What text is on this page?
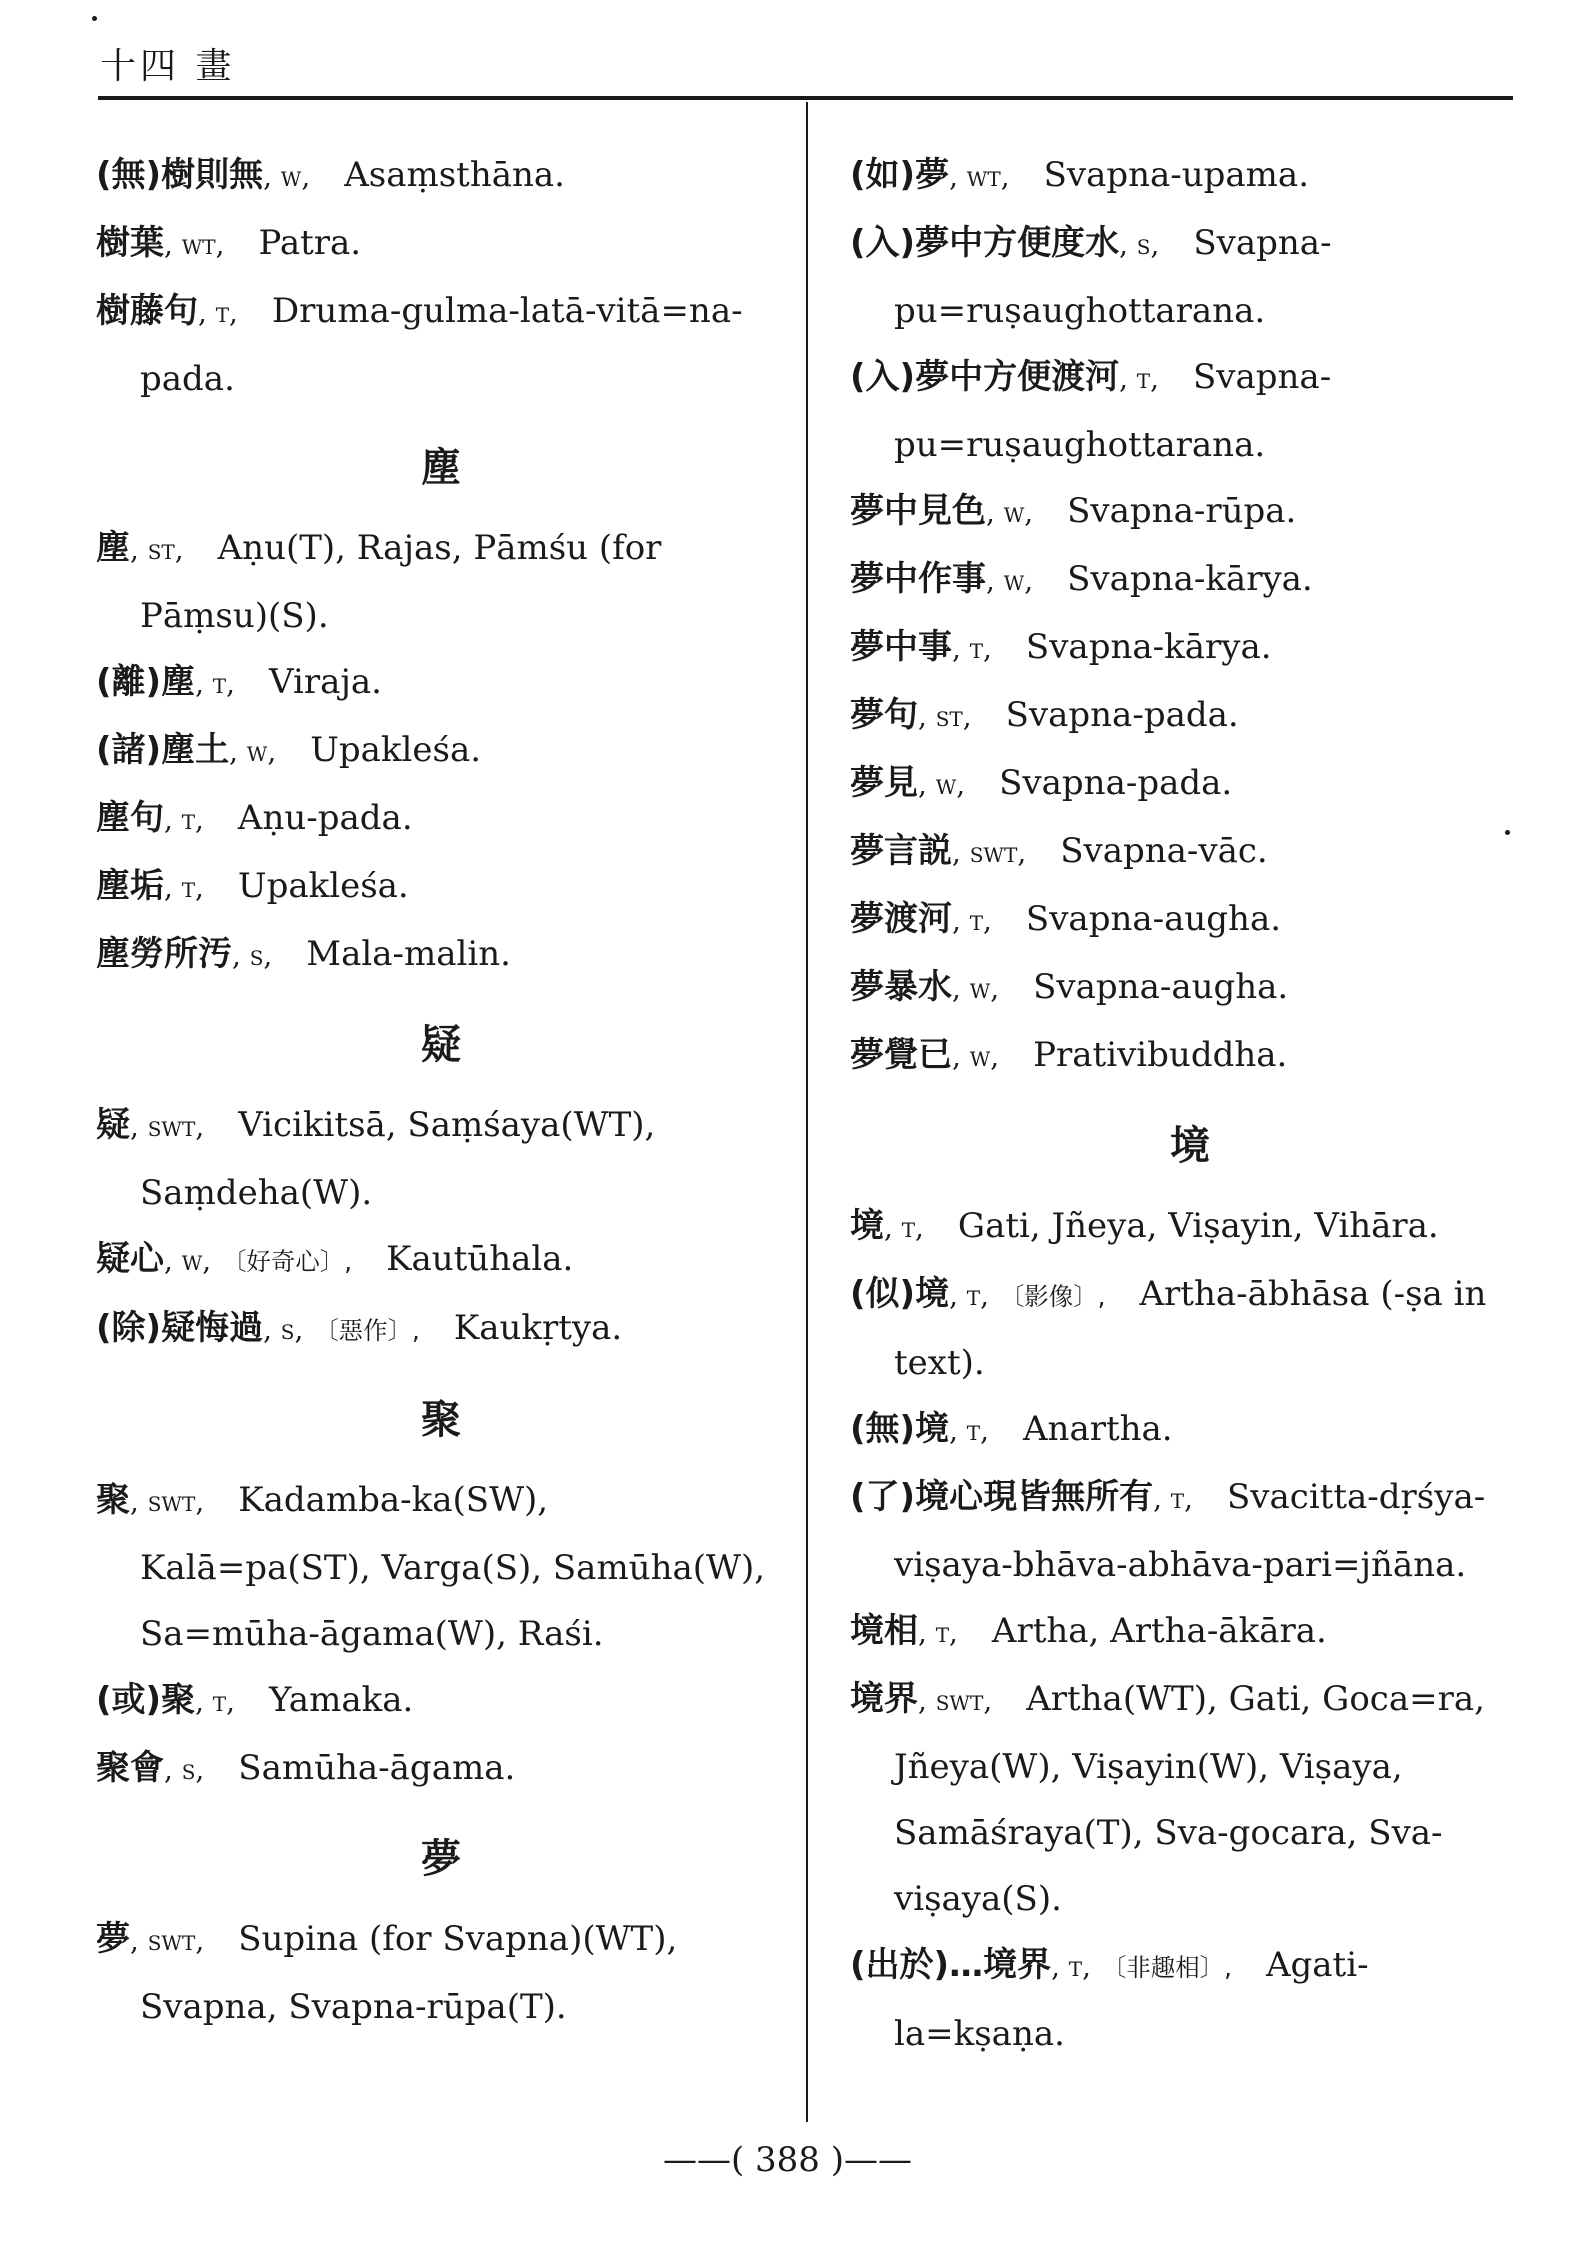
十四 畫

(無)樹則無, w, Asaṃsthāna.

樹葉, wt, Patra.

樹藤句, t, Druma-gulma-latā-vitā=na-pada.

塵

塵, st, Aṇu(T), Rajas, Pāmśu (for Pāṃsu)(S).

(離)塵, t, Viraja.

(諸)塵土, w, Upakleśa.

塵句, t, Aṇu-pada.

塵垢, t, Upakleśa.

塵勞所汚, s, Mala-malin.

疑

疑, swt, Vicikitsā, Saṃśaya(WT), Saṃdeha(W).

疑心, w, 〔好奇心〕, Kautūhala.

(除)疑悔過, s, 〔惡作〕, Kaukṛtya.

聚

聚, swt, Kadamba-ka(SW), Kalā=pa(ST), Varga(S), Samūha(W), Sa=mūha-āgama(W), Raśi.

(或)聚, t, Yamaka.

聚會, s, Samūha-āgama.

夢

夢, swt, Supina (for Svapna)(WT), Svapna, Svapna-rūpa(T).

(如)夢, wt, Svapna-upama.

(入)夢中方便度水, s, Svapna-pu=ruṣaughottarana.

(入)夢中方便渡河, t, Svapna-pu=ruṣaughottarana.

夢中見色, w, Svapna-rūpa.

夢中作事, w, Svapna-kārya.

夢中事, t, Svapna-kārya.

夢句, st, Svapna-pada.

夢見, w, Svapna-pada.

夢言説, swt, Svapna-vāc.

夢渡河, t, Svapna-augha.

夢暴水, w, Svapna-augha.

夢覺已, w, Prativibuddha.

境

境, t, Gati, Jñeya, Viṣayin, Vihāra.

(似)境, t, 〔影像〕, Artha-ābhāsa (-ṣa in text).

(無)境, t, Anartha.

(了)境心現皆無所有, t, Svacitta-dṛśya-viṣaya-bhāva-abhāva-pari=jñāna.

境相, t, Artha, Artha-ākāra.

境界, swt, Artha(WT), Gati, Goca=ra, Jñeya(W), Viṣayin(W), Viṣaya, Samāśraya(T), Sva-gocara, Sva-viṣaya(S).

(出於)…境界, t, 〔非趣相〕, Agati-la=kṣaṇa.

——( 388 )——
